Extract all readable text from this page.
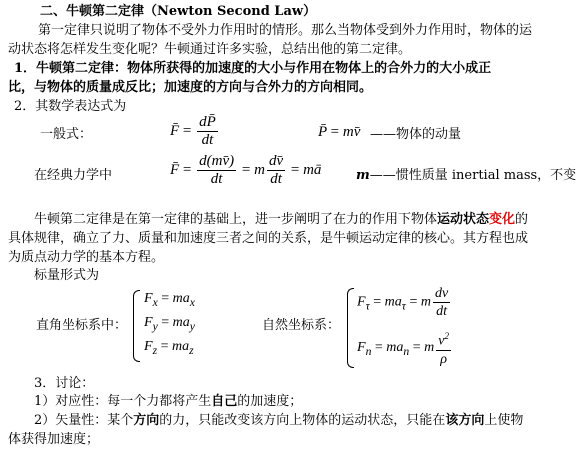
二、牛顿第二定律（Newton Second Law）
第一定律只说明了物体不受外力作用时的情形。那么当物体受到外力作用时，物体的运
动状态将怎样发生变化呢？牛顿通过许多实验，总结出他的第二定律。
1．牛顿第二定律：物体所获得的加速度的大小与作用在物体上的合外力的大小成正
比，与物体的质量成反比；加速度的方向与合外力的方向相同。
2．其数学表达式为
一般式：	F̄ = $\frac{dP̄}{dt}$	P̄ = mv̄ ——物体的动量
在经典力学中	F̄ = $\frac{d(mv̄)}{dt} = m \frac{dv̄}{dt}$ = mā	m——惯性质量 inertial mass，不变
牛顿第二定律是在第一定律的基础上，进一步阐明了在力的作用下物体运动状态变化的
具体规律，确立了力、质量和加速度三者之间的关系，是牛顿运动定律的核心。其方程也成
为质点动力学的基本方程。
标量形式为
直角坐标系中：
$F_x = ma_x$
$F_y = ma_y$
$F_z = ma_z$
自然坐标系：
$F_\tau = ma_\tau = m \frac{dv}{dt}$
$F_n = ma_n = m \frac{v^2}{\rho}$
3．讨论：
1）对应性：每一个力都将产生自己的加速度；
2）矢量性：某个方向的力，只能改变该方向上物体的运动状态，只能在该方向上使物
体获得加速度；
